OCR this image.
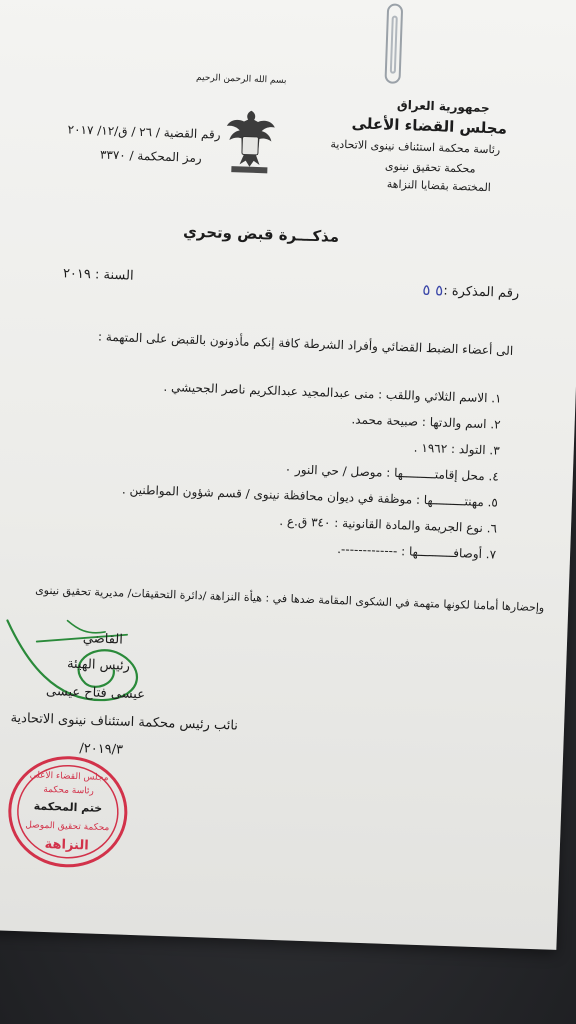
بسم الله الرحمن الرحيم
جمهورية العراق
مجلس القضاء الأعلى
رئاسة محكمة استئناف نينوى الاتحادية
محكمة تحقيق نينوى
المختصة بقضايا النزاهة
رقم القضية / ٢٦ / ق/١٢/ ٢٠١٧
رمز المحكمة / ٣٣٧٠
مذكـــرة قبض وتحري
رقم المذكرة :
٥ ٥
السنة : ٢٠١٩
الى أعضاء الضبط القضائي وأفراد الشرطة كافة إنكم مأذونون بالقبض على المتهمة :
١. الاسم الثلاثي واللقب : منى عبدالمجيد عبدالكريم ناصر الجحيشي .
٢. اسم والدتها : صبيحة محمد.
٣. التولد : ١٩٦٢ .
٤. محل إقامتـــــــــها : موصل / حي النور ٠
٥. مهنتـــــــــها : موظفة في ديوان محافظة نينوى / قسم شؤون المواطنين .
٦. نوع الجريمة والمادة القانونية : ٣٤٠ ق.ع .
٧. أوصافــــــــــها : -------------.
وإحضارها أمامنا لكونها متهمة في الشكوى المقامة ضدها في : هيأة النزاهة /دائرة التحقيقات/ مديرية تحقيق نينوى
القاضي
رئيس الهيئة
عيسى فتاح عيسى
نائب رئيس محكمة استئناف نينوى الاتحادية
٢٠١٩/٣/
مجلس القضاء الأعلى
رئاسة محكمة
ختم المحكمة
محكمة تحقيق الموصل
النزاهة
